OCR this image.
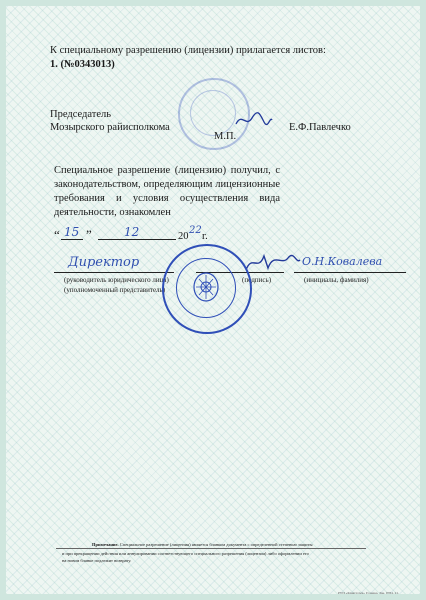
К специальному разрешению (лицензии) прилагается листов:
1. (№0343013)
Председатель
Мозырского райисполкома
М.П.
Е.Ф.Павлечко
Специальное разрешение (лицензию) получил, с законодательством, определяющим лицензионные требования и условия осуществления вида деятельности, ознакомлен
“ 15 ”	12	20
22
г.
Директор	О.Н.Ковалева
(руководитель юридического лица)	(подпись)	(инициалы, фамилия)
(уполномоченный представитель)
Примечание. Специальное разрешение (лицензия) является бланком документа с определенной степенью защиты
и при прекращении действия или аннулировании соответствующего специального разрешения (лицензии) либо оформлении его
на новом бланке подлежит возврату.
РУП «Криптотех» Гознака. Зак. 0784. 21.
